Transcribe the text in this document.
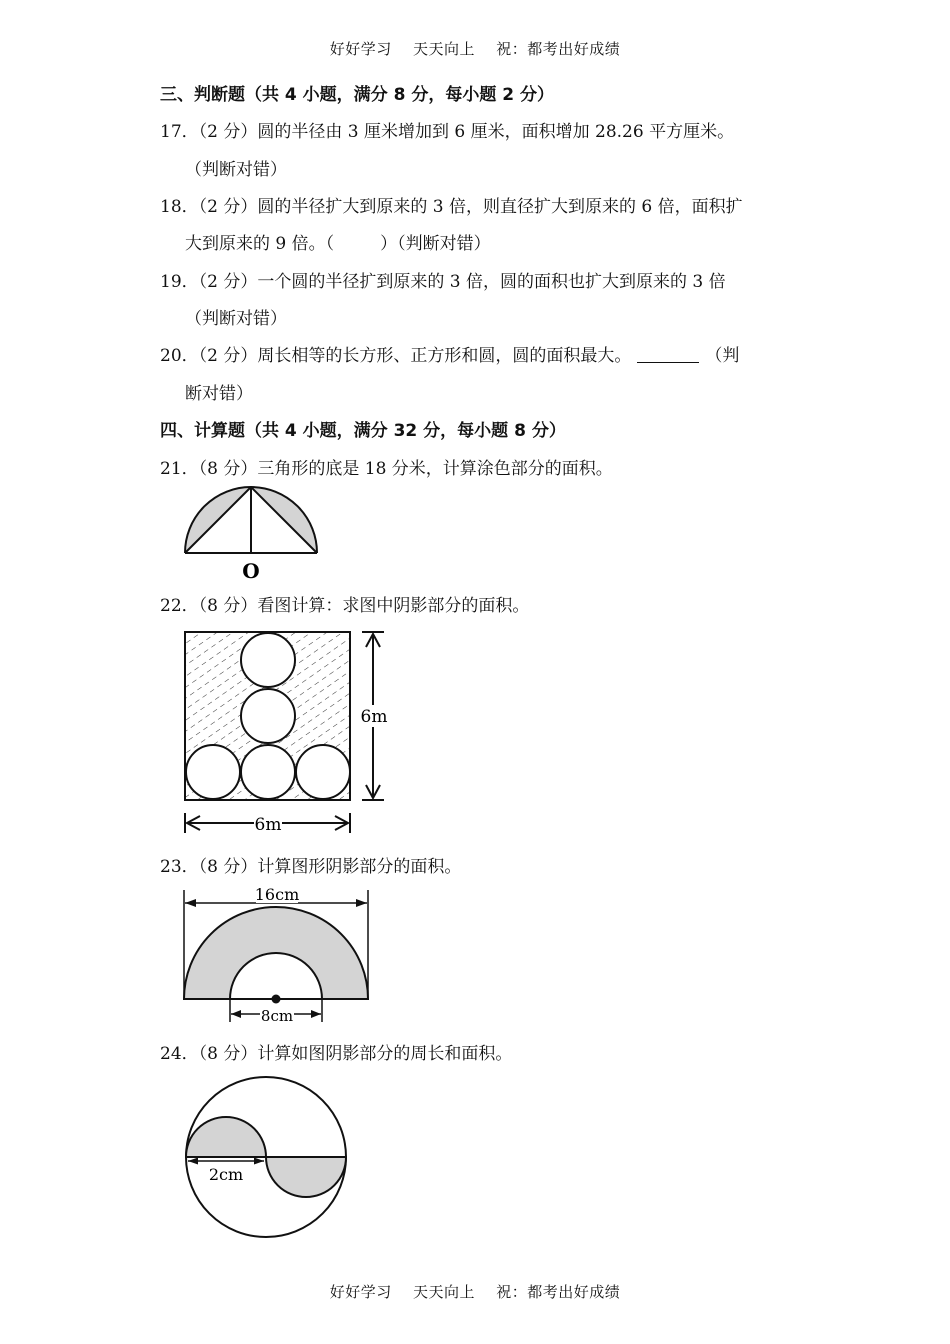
好好学习 天天向上 祝：都考出好成绩
三、判断题（共 4 小题，满分 8 分，每小题 2 分）
17．（2 分）圆的半径由 3 厘米增加到 6 厘米，面积增加 28.26 平方厘米。
（判断对错）
18．（2 分）圆的半径扩大到原来的 3 倍，则直径扩大到原来的 6 倍，面积扩
大到原来的 9 倍。（	）（判断对错）
19．（2 分）一个圆的半径扩到原来的 3 倍，圆的面积也扩大到原来的 3 倍
（判断对错）
20．（2 分）周长相等的长方形、正方形和圆，圆的面积最大。	（判
断对错）
四、计算题（共 4 小题，满分 32 分，每小题 8 分）
21．（8 分）三角形的底是 18 分米，计算涂色部分的面积。
O
22．（8 分）看图计算：求图中阴影部分的面积。
6m
6m
23．（8 分）计算图形阴影部分的面积。
16cm
8cm
24．（8 分）计算如图阴影部分的周长和面积。
2cm
好好学习 天天向上 祝：都考出好成绩
